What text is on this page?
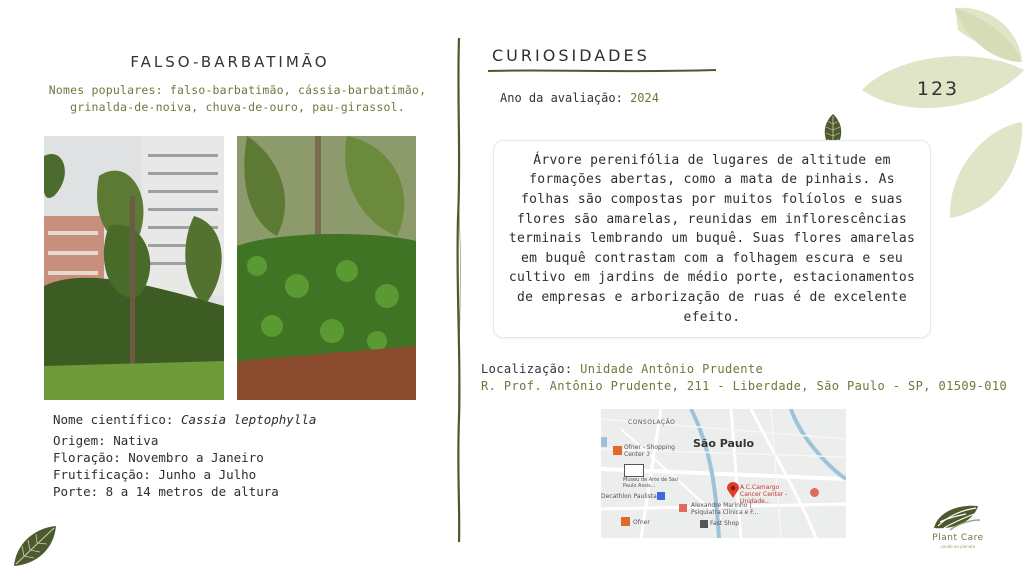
123
FALSO-BARBATIMÃO
Nomes populares: falso-barbatimão, cássia-barbatimão, grinalda-de-noiva, chuva-de-ouro, pau-girassol.
Nome científico: Cassia leptophylla
Origem: Nativa
Floração: Novembro a Janeiro
Frutificação: Junho a Julho
Porte: 8 a 14 metros de altura
CURIOSIDADES
Ano da avaliação: 2024

Árvore perenifólia de lugares de altitude em formações abertas, como a mata de pinhais. As folhas são compostas por muitos folíolos e suas flores são amarelas, reunidas em inflorescências terminais lembrando um buquê. Suas flores amarelas em buquê contrastam com a folhagem escura e seu cultivo em jardins de médio porte, estacionamentos de empresas e arborização de ruas é de excelente efeito.

Localização: Unidade Antônio Prudente
R. Prof. Antônio Prudente, 211 - Liberdade, São Paulo - SP, 01509-010
CONSOLAÇÃO
São Paulo
Ofner - Shopping Center 3
Museu de Arte de São Paulo Assis...
Decathlon Paulista
Alexandre Marinho | Psiquiatra Clínica e F...
A.C.Camargo Cancer Center - Unidade...
Ofner	Fast Shop
Plant Care
saúde ao planeta
